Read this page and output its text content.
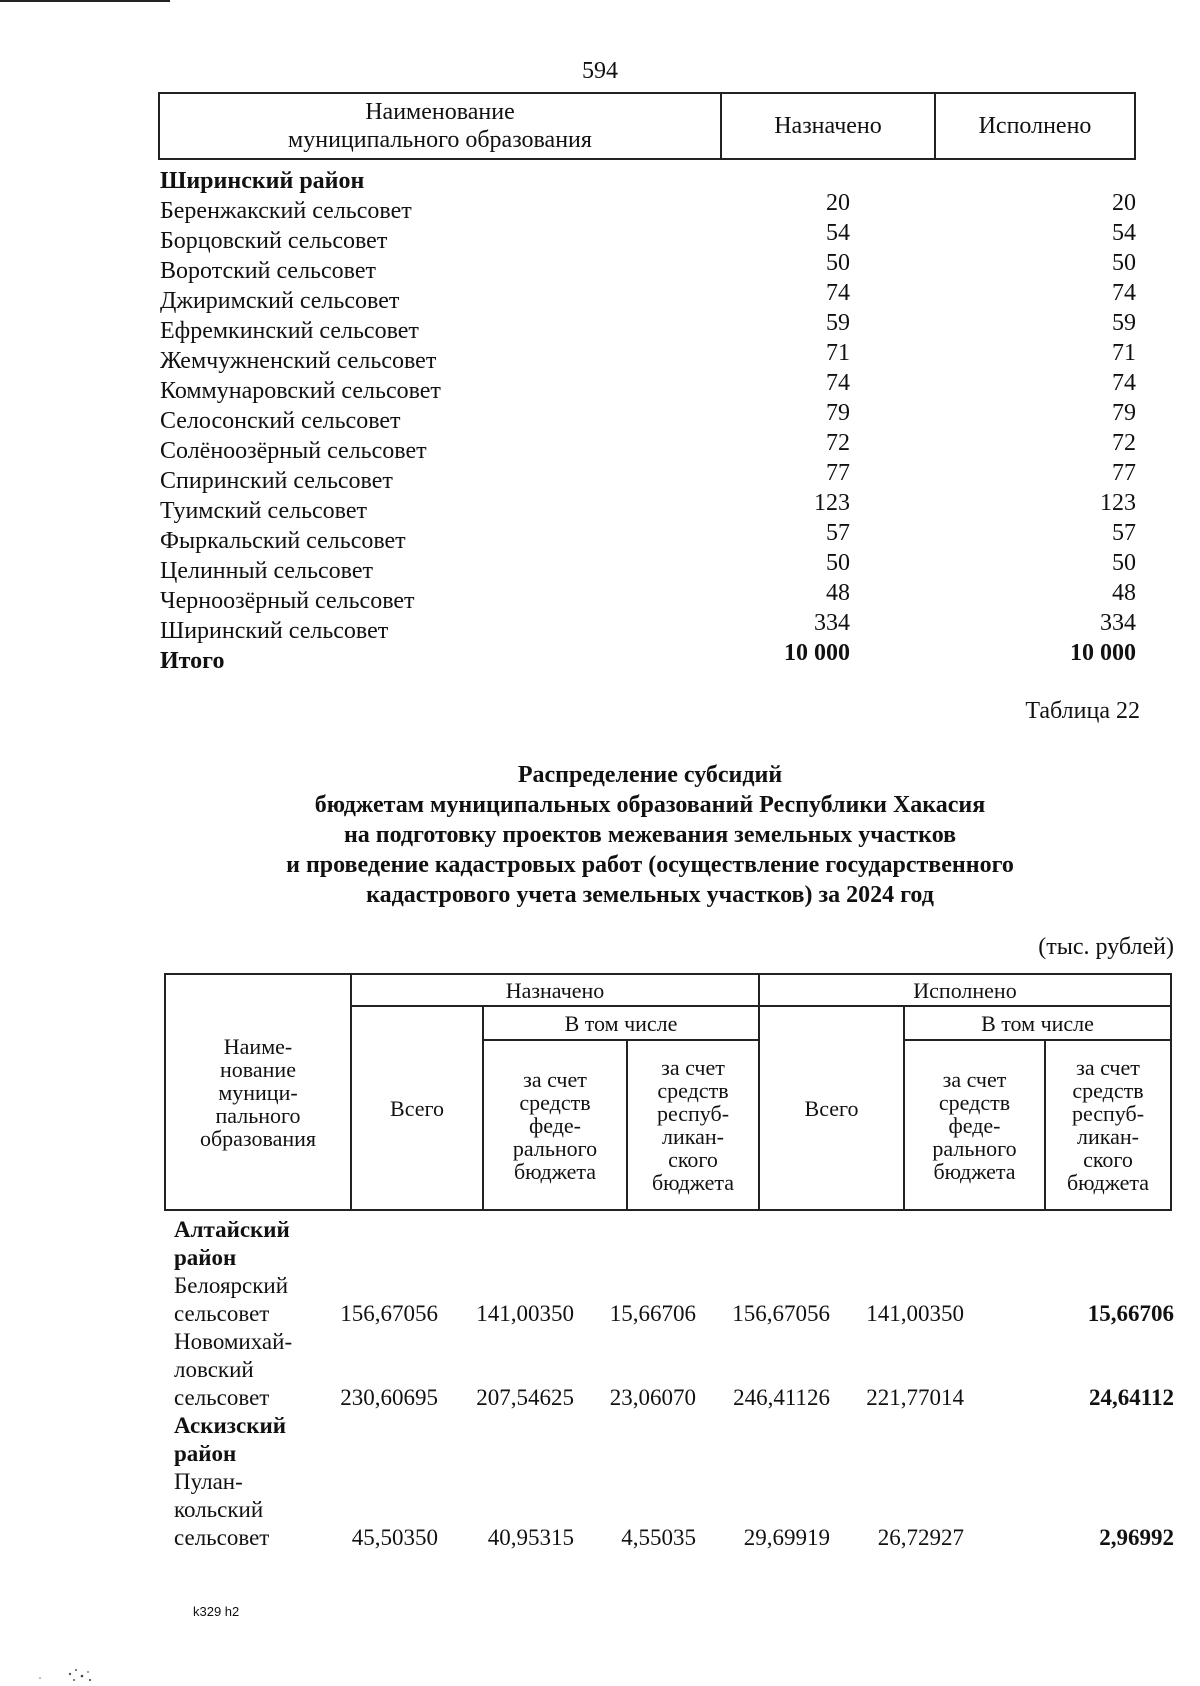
594
Наименование
муниципального образования
Назначено	Исполнено
Ширинский район
Беренжакский сельсовет	20	20
Борцовский сельсовет	54	54
Воротский сельсовет	50	50
Джиримский сельсовет	74	74
Ефремкинский сельсовет	59	59
Жемчужненский сельсовет	71	71
Коммунаровский сельсовет	74	74
Селосонский сельсовет	79	79
Солёноозёрный сельсовет	72	72
Спиринский сельсовет	77	77
Туимский сельсовет	123	123
Фыркальский сельсовет	57	57
Целинный сельсовет	50	50
Черноозёрный сельсовет	48	48
Ширинский сельсовет	334	334
Итого	10 000	10 000
Таблица 22
Распределение субсидий
бюджетам муниципальных образований Республики Хакасия
на подготовку проектов межевания земельных участков
и проведение кадастровых работ (осуществление государственного
кадастрового учета земельных участков) за 2024 год
(тыс. рублей)
Наиме-
нование
муници-
пального
образования
Назначено	Исполнено
В том числе	В том числе
Всего	Всего
за счет
средств
феде-
рального
бюджета
за счет
средств
респуб-
ликан-
ского
бюджета
за счет
средств
феде-
рального
бюджета
за счет
средств
респуб-
ликан-
ского
бюджета
Алтайский
район
Белоярский
сельсовет	156,67056 141,00350 15,66706 156,67056 141,00350	15,66706
Новомихай-
ловский
сельсовет	230,60695 207,54625 23,06070 246,41126 221,77014	24,64112
Аскизский
район
Пулан-
кольский
сельсовет	45,50350 40,95315 4,55035 29,69919 26,72927	2,96992
k329 h2
